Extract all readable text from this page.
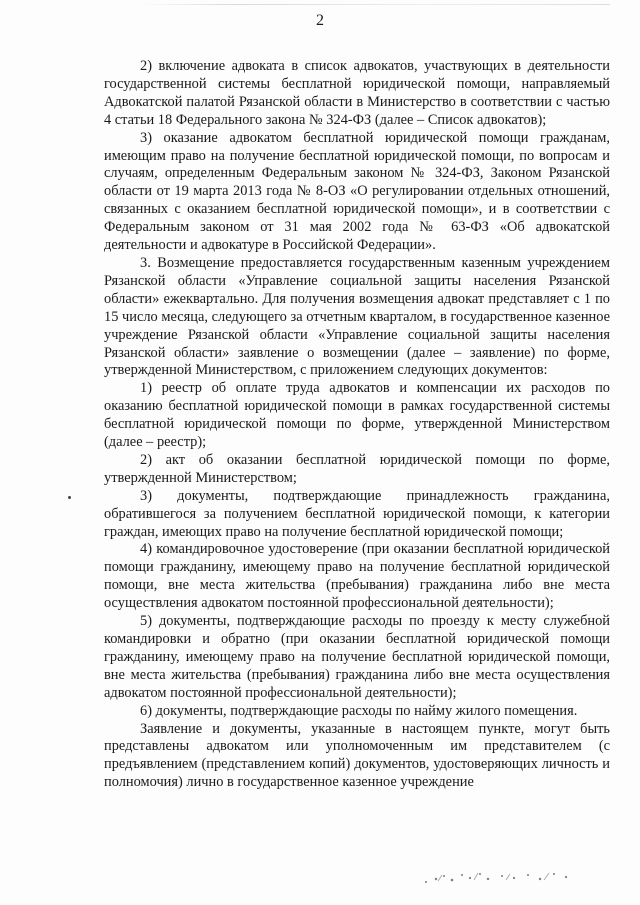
2

2) включение адвоката в список адвокатов, участвующих в деятельности государственной системы бесплатной юридической помощи, направляемый Адвокатской палатой Рязанской области в Министерство в соответствии с частью 4 статьи 18 Федерального закона № 324-ФЗ (далее – Список адвокатов);

3) оказание адвокатом бесплатной юридической помощи гражданам, имеющим право на получение бесплатной юридической помощи, по вопросам и случаям, определенным Федеральным законом № 324-ФЗ, Законом Рязанской области от 19 марта 2013 года № 8-ОЗ «О регулировании отдельных отношений, связанных с оказанием бесплатной юридической помощи», и в соответствии с Федеральным законом от 31 мая 2002 года № 63-ФЗ «Об адвокатской деятельности и адвокатуре в Российской Федерации».

3. Возмещение предоставляется государственным казенным учреждением Рязанской области «Управление социальной защиты населения Рязанской области» ежеквартально. Для получения возмещения адвокат представляет с 1 по 15 число месяца, следующего за отчетным кварталом, в государственное казенное учреждение Рязанской области «Управление социальной защиты населения Рязанской области» заявление о возмещении (далее – заявление) по форме, утвержденной Министерством, с приложением следующих документов:

1) реестр об оплате труда адвокатов и компенсации их расходов по оказанию бесплатной юридической помощи в рамках государственной системы бесплатной юридической помощи по форме, утвержденной Министерством (далее – реестр);

2) акт об оказании бесплатной юридической помощи по форме, утвержденной Министерством;

3) документы, подтверждающие принадлежность гражданина, обратившегося за получением бесплатной юридической помощи, к категории граждан, имеющих право на получение бесплатной юридической помощи;

4) командировочное удостоверение (при оказании бесплатной юридической помощи гражданину, имеющему право на получение бесплатной юридической помощи, вне места жительства (пребывания) гражданина либо вне места осуществления адвокатом постоянной профессиональной деятельности);

5) документы, подтверждающие расходы по проезду к месту служебной командировки и обратно (при оказании бесплатной юридической помощи гражданину, имеющему право на получение бесплатной юридической помощи, вне места жительства (пребывания) гражданина либо вне места осуществления адвокатом постоянной профессиональной деятельности);

6) документы, подтверждающие расходы по найму жилого помещения.

Заявление и документы, указанные в настоящем пункте, могут быть представлены адвокатом или уполномоченным им представителем (с предъявлением (представлением копий) документов, удостоверяющих личность и полномочия) лично в государственное казенное учреждение
